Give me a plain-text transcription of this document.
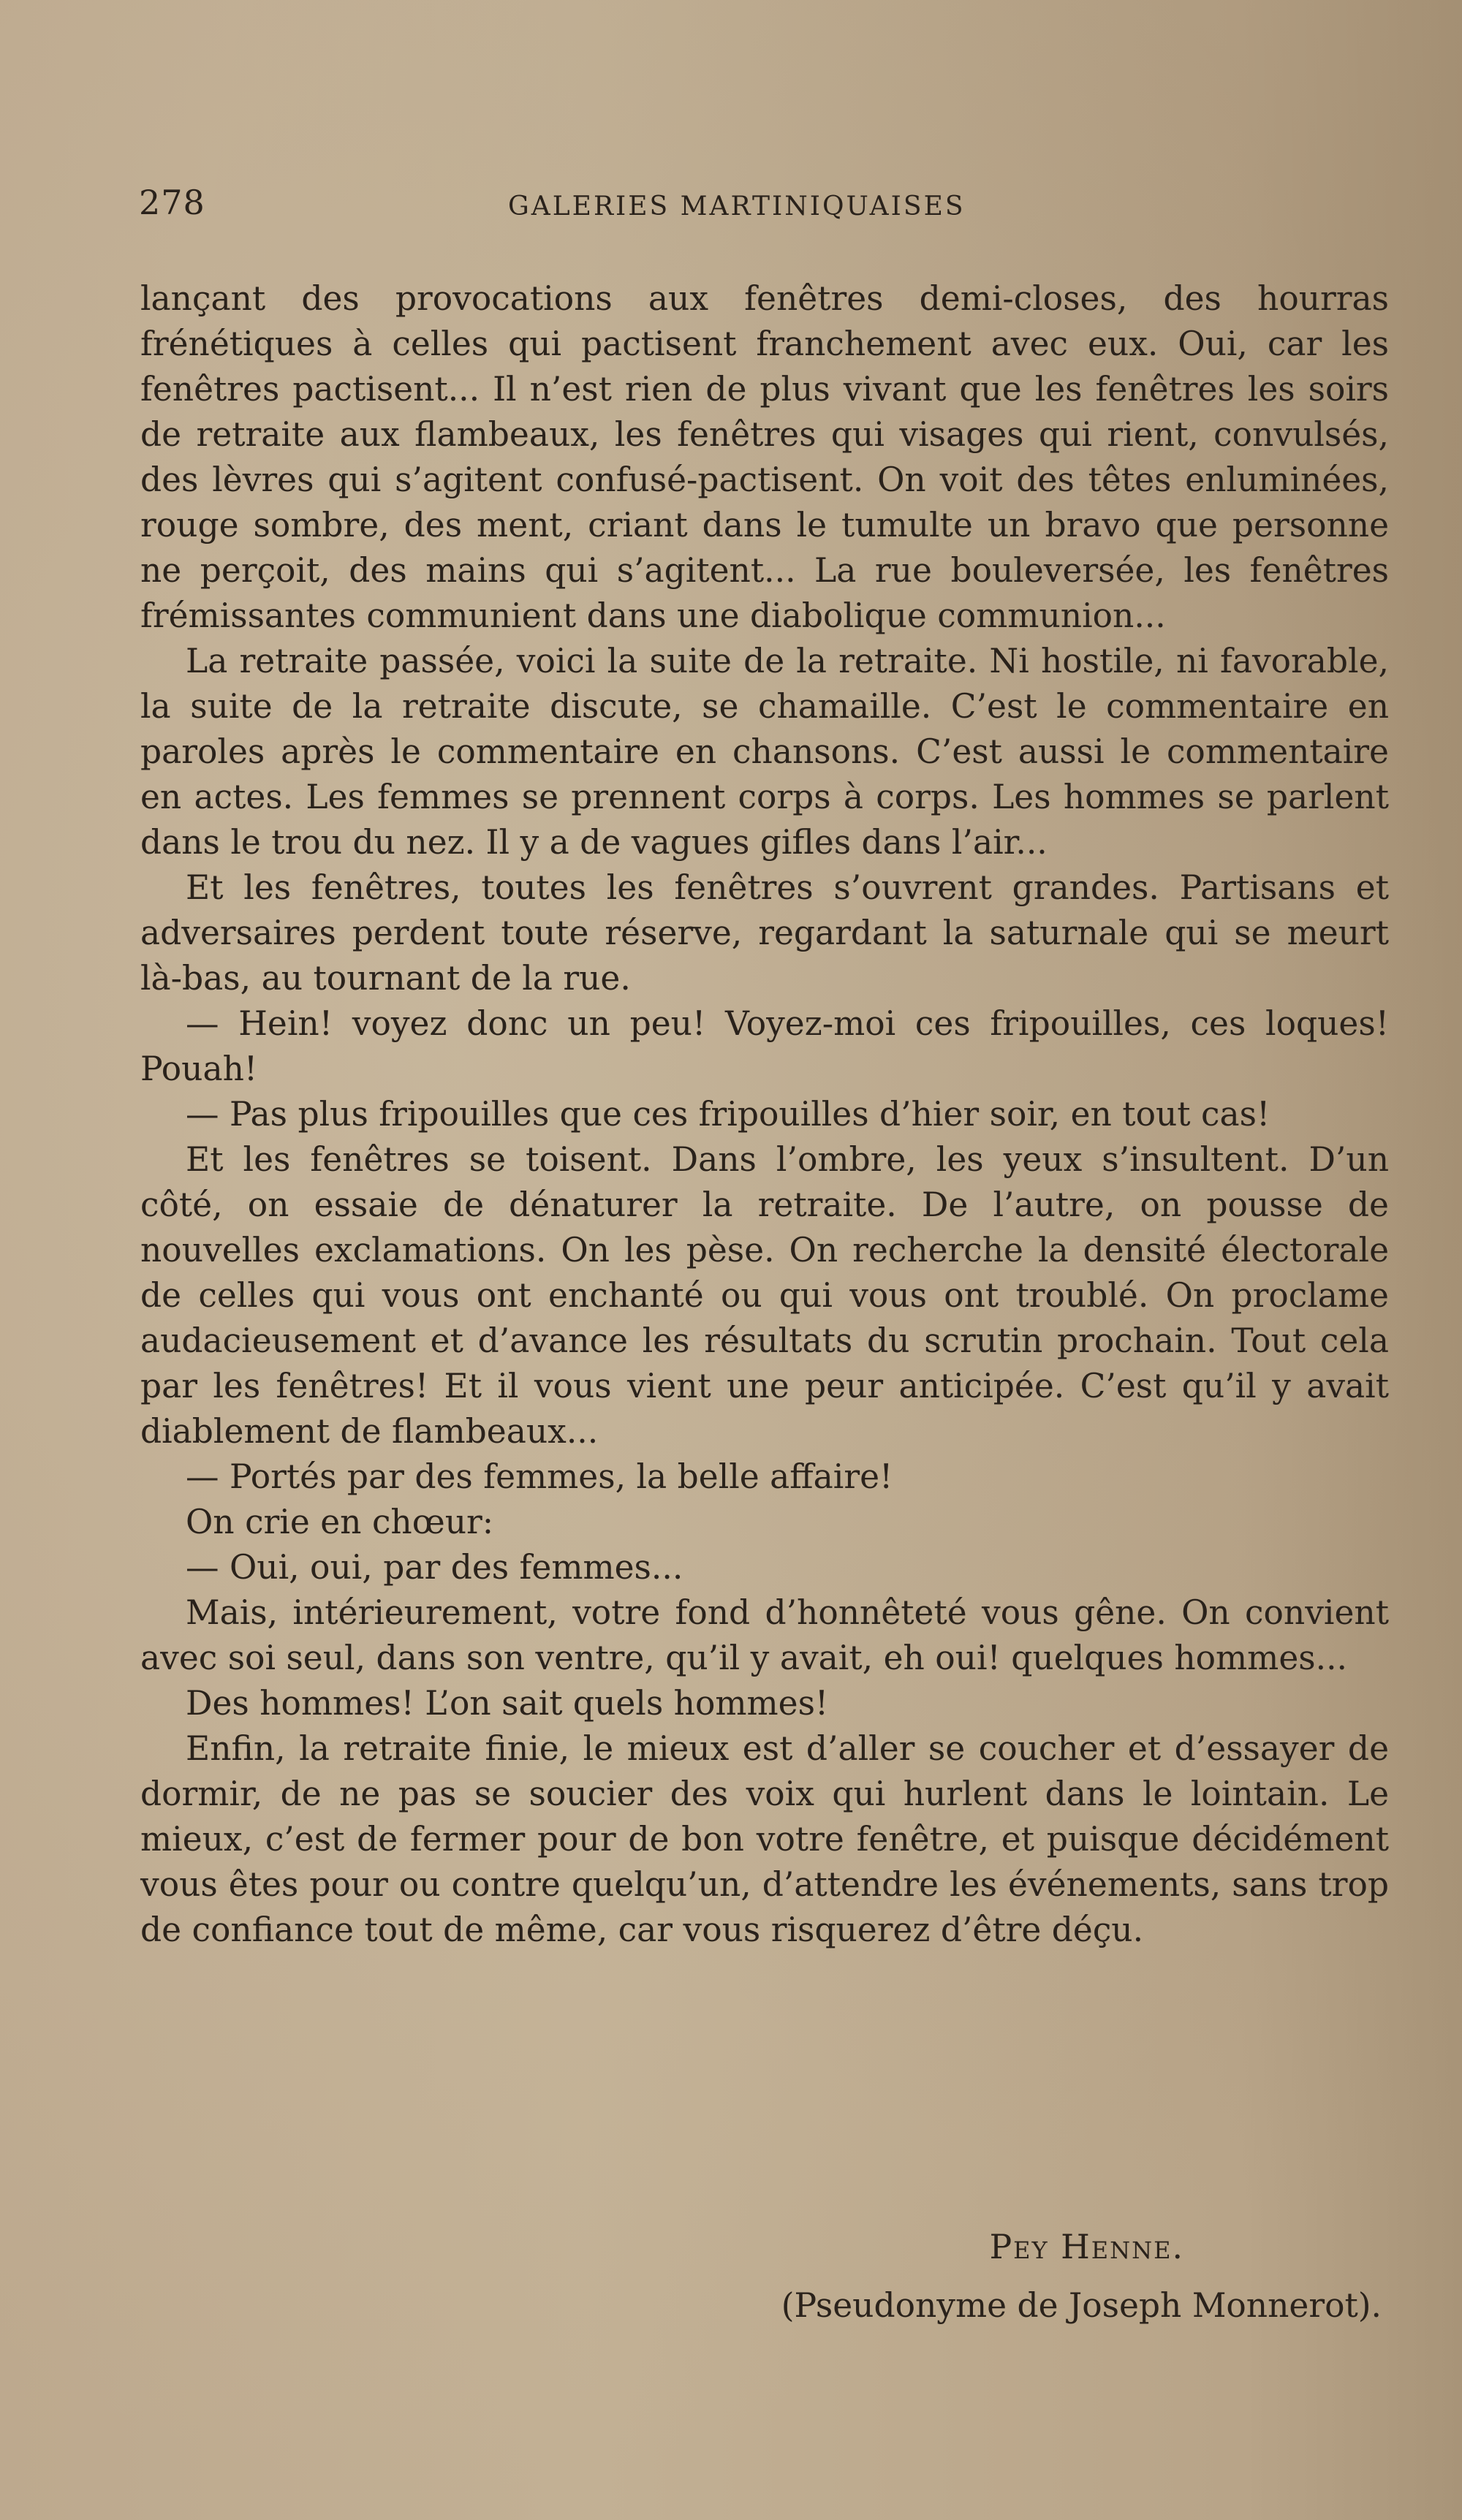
278	GALERIES MARTINIQUAISES

lançant des provocations aux fenêtres demi-closes, des hourras frénétiques à celles qui pactisent franchement avec eux. Oui, car les fenêtres pactisent... Il n’est rien de plus vivant que les fenêtres les soirs de retraite aux flambeaux, les fenêtres qui visages qui rient, convulsés, des lèvres qui s’agitent confusé-pactisent. On voit des têtes enluminées, rouge sombre, des ment, criant dans le tumulte un bravo que personne ne perçoit, des mains qui s’agitent... La rue bouleversée, les fenêtres frémissantes communient dans une diabolique communion...

La retraite passée, voici la suite de la retraite. Ni hostile, ni favorable, la suite de la retraite discute, se chamaille. C’est le commentaire en paroles après le commentaire en chansons. C’est aussi le commentaire en actes. Les femmes se prennent corps à corps. Les hommes se parlent dans le trou du nez. Il y a de vagues gifles dans l’air...

Et les fenêtres, toutes les fenêtres s’ouvrent grandes. Partisans et adversaires perdent toute réserve, regardant la saturnale qui se meurt là-bas, au tournant de la rue.

— Hein! voyez donc un peu! Voyez-moi ces fripouilles, ces loques! Pouah!

— Pas plus fripouilles que ces fripouilles d’hier soir, en tout cas!

Et les fenêtres se toisent. Dans l’ombre, les yeux s’insultent. D’un côté, on essaie de dénaturer la retraite. De l’autre, on pousse de nouvelles exclamations. On les pèse. On recherche la densité électorale de celles qui vous ont enchanté ou qui vous ont troublé. On proclame audacieusement et d’avance les résultats du scrutin prochain. Tout cela par les fenêtres! Et il vous vient une peur anticipée. C’est qu’il y avait diablement de flambeaux...

— Portés par des femmes, la belle affaire!

On crie en chœur:

— Oui, oui, par des femmes...

Mais, intérieurement, votre fond d’honnêteté vous gêne. On convient avec soi seul, dans son ventre, qu’il y avait, eh oui! quelques hommes...

Des hommes! L’on sait quels hommes!

Enfin, la retraite finie, le mieux est d’aller se coucher et d’essayer de dormir, de ne pas se soucier des voix qui hurlent dans le lointain. Le mieux, c’est de fermer pour de bon votre fenêtre, et puisque décidément vous êtes pour ou contre quelqu’un, d’attendre les événements, sans trop de confiance tout de même, car vous risquerez d’être déçu.

Pey Henne.
(Pseudonyme de Joseph Monnerot).
